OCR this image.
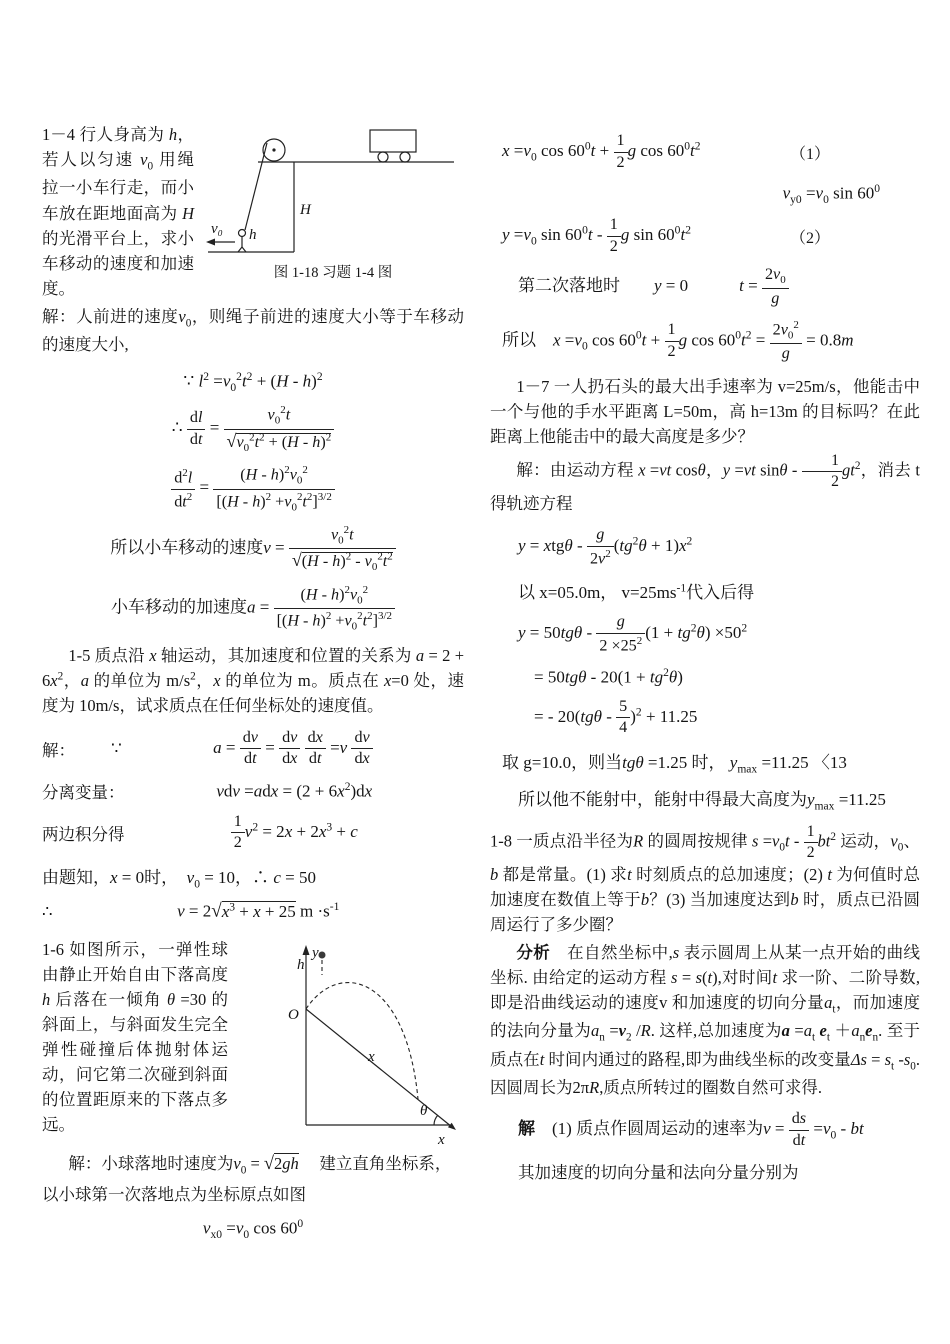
v₀ h
H
图 1-18 习题 1-4 图

1－4 行人身高为 h，若人以匀速 $v_0$ 用绳拉一小车行走，而小车放在距地面高为 H 的光滑平台上，求小车移动的速度和加速度。

解：人前进的速度$v_0$，则绳子前进的速度大小等于车移动的速度大小,

∵ $l^2 =v_0^2t^2 + (H - h)^2$
∴ $\frac{dl}{dt} = \frac{v_0^2t}{√v_0^2t^2 + (H - h)^2}$
$\frac{d^2l}{dt^2} = \frac{(H - h)^2v_0^2}{[(H - h)^2 +v_0^2t^2]^{3/2}}$
所以小车移动的速度$v = \frac{v_0^2t}{√(H - h)^2 - v_0^2t^2}$
小车移动的加速度$a = \frac{(H - h)^2v_0^2}{[(H - h)^2 +v_0^2t^2]^{3/2}}$

1-5 质点沿 x 轴运动，其加速度和位置的关系为 $a = 2 + 6x^2$，a 的单位为 $m/s^2$，x 的单位为 m。质点在 x=0 处，速度为 10m/s，试求质点在任何坐标处的速度值。

解： ∵	$a = \frac{dv}{dt} = \frac{dv}{dx}$
$\frac{dx}{dt} =v \frac{dv}{dx}$
分离变量：	vdv $=adx = (2 + 6x^2)dx$
两边积分得	$\frac{1}{2} v^2 = 2x + 2x^3 + c$
由题知，x = 0时，　$v_0 = 10$，∴ c = 50
∴	$v = 2√x^3 + x + 25$ $m \cdot s^{-1}$
y
h
O
x
θ
x

1-6 如图所示，一弹性球由静止开始自由下落高度 h 后落在一倾角 θ =30 的斜面上，与斜面发生完全弹性碰撞后体抛射体运动，问它第二次碰到斜面的位置距原来的下落点多远。

解：小球落地时速度为$v_0 = √2gh$　 建立直角坐标系，

以小球第一次落地点为坐标原点如图

$v_{x0} =v_0$ $\cos 60^0$
$x =v_0$ $\cos 60^0t + \frac{1}{2}$ g $\cos 60^0t^2$	（1）
$v_{y0} =v_0$ $\sin 60^0$
$y =v_0$ $\sin 60^0t - \frac{1}{2}$ g $\sin 60^0t^2$	（2）
第二次落地时　　y = 0　　　$t = \frac{2v_0}{g}$
所以　$x =v_0$ $\cos 60^0t + \frac{1}{2}$ g $\cos 60^0t^2 = \frac{2v_0^2}{g} = 0.8m$

1－7 一人扔石头的最大出手速率为 v=25m/s，他能击中一个与他的手水平距离 L=50m，高 h=13m 的目标吗？在此距离上他能击中的最大高度是多少？

解：由运动方程 x =vt cosθ，y =vt sinθ - $\frac{1}{2} gt^2$，消去 t 得轨迹方程

$y = xtg\theta - \frac{g}{2v^2} (tg^2\theta + 1)x^2$
以 x=05.0m， $v=25ms^{-1}$代入后得
$y = 50tg\theta - \frac{g}{2 \times 25^2} (1 + tg^2\theta) \times 50^2$
= $50tg\theta - 20(1 + tg^2\theta)$
= - $20(tg\theta - \frac{5}{4} )^2 + 11.25$
取 g=10.0，则当tgθ =1.25 时， $y_{max} =11.25$ 〈13
所以他不能射中，能射中得最大高度为$y_{max} =11.25$

1-8 一质点沿半径为R 的圆周按规律 $s =v_0t - \frac{1}{2} bt^2$ 运动，$v_0$、b 都是常量。(1) 求t 时刻质点的总加速度；(2) t 为何值时总加速度在数值上等于b？(3) 当加速度达到b 时，质点已沿圆周运行了多少圈？

分析　在自然坐标中,s 表示圆周上从某一点开始的曲线坐标. 由给定的运动方程 s = s(t),对时间t 求一阶、二阶导数,即是沿曲线运动的速度v 和加速度的切向分量$a_t$，而加速度的法向分量为$a_n =v_2$ /R. 这样,总加速度为$a =a_t$ $e_t +a_ne_n$. 至于质点在t 时间内通过的路程,即为曲线坐标的改变量$\Delta s = s_t$ $-s_0$. 因圆周长为2πR,质点所转过的圈数自然可求得.

解　(1) 质点作圆周运动的速率为$v = \frac{ds}{dt} =v_0$ - bt

其加速度的切向分量和法向分量分别为
